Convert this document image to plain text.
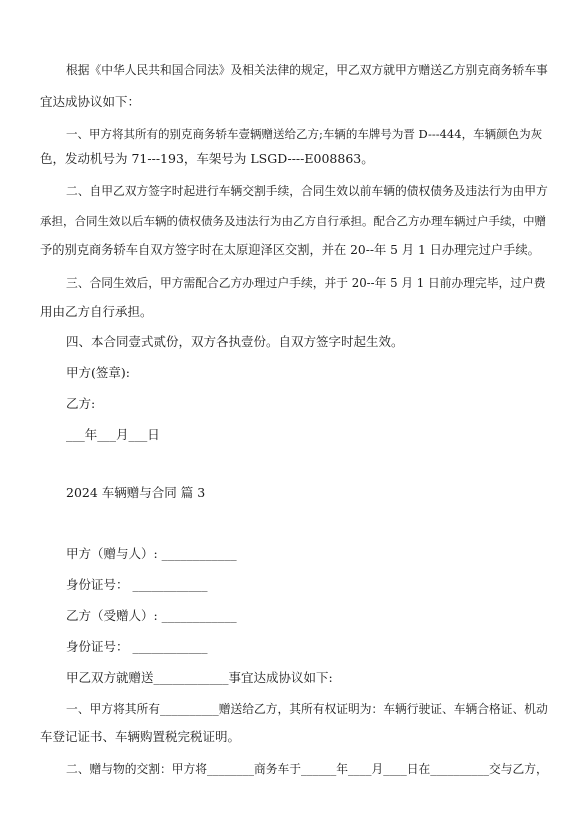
根据《中华人民共和国合同法》及相关法律的规定，甲乙双方就甲方赠送乙方别克商务轿车事
宜达成协议如下：
一、甲方将其所有的别克商务轿车壹辆赠送给乙方;车辆的车牌号为晋 D---444，车辆颜色为灰
色，发动机号为 71---193，车架号为 LSGD----E008863。
二、自甲乙双方签字时起进行车辆交割手续，合同生效以前车辆的债权债务及违法行为由甲方
承担，合同生效以后车辆的债权债务及违法行为由乙方自行承担。配合乙方办理车辆过户手续，中赠
予的别克商务轿车自双方签字时在太原迎泽区交割，并在 20--年 5 月 1 日办理完过户手续。
三、合同生效后，甲方需配合乙方办理过户手续，并于 20--年 5 月 1 日前办理完毕，过户费
用由乙方自行承担。
四、本合同壹式贰份，双方各执壹份。自双方签字时起生效。
甲方(签章):
乙方:
___年___月___日
2024 车辆赠与合同 篇 3
甲方（赠与人）: ____________
身份证号： ____________
乙方（受赠人）: ____________
身份证号： ____________
甲乙双方就赠送____________事宜达成协议如下:
一、甲方将其所有__________赠送给乙方，其所有权证明为：车辆行驶证、车辆合格证、机动
车登记证书、车辆购置税完税证明。
二、赠与物的交割：甲方将________商务车于______年____月____日在__________交与乙方，
